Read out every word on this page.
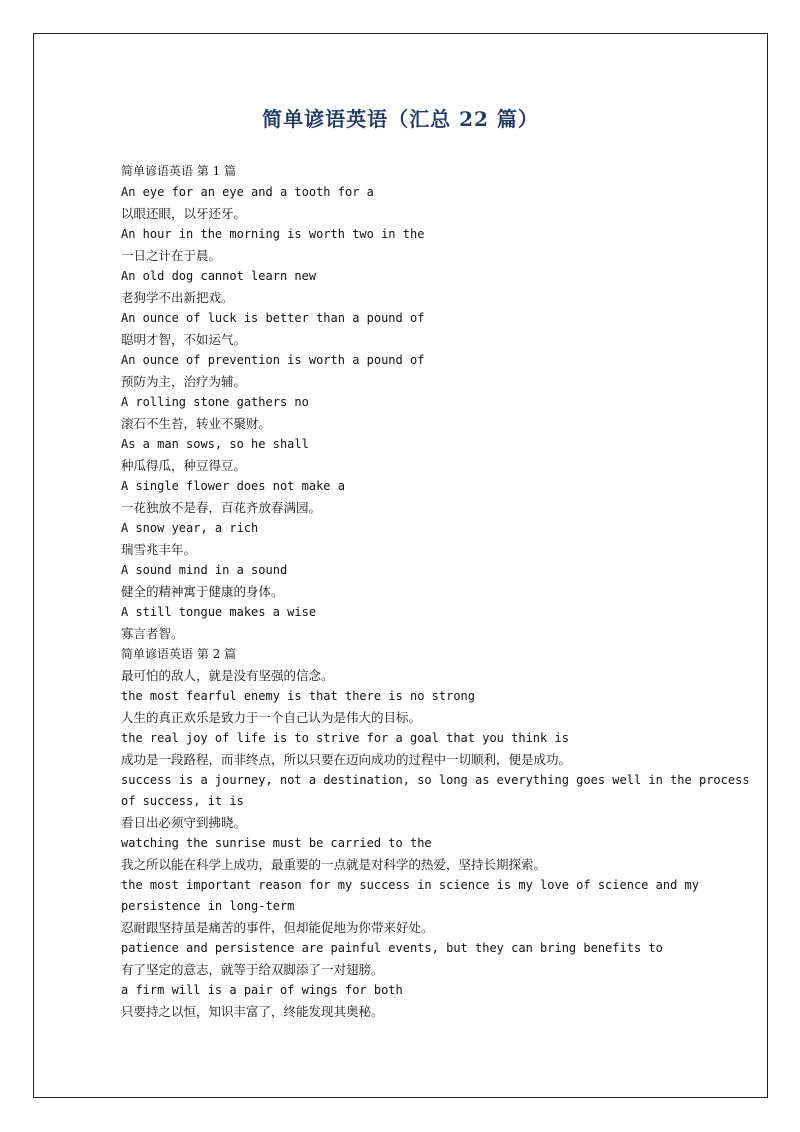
简单谚语英语（汇总 22 篇）
简单谚语英语 第 1 篇
An eye for an eye and a tooth for a
以眼还眼，以牙还牙。
An hour in the morning is worth two in the
一日之计在于晨。
An old dog cannot learn new
老狗学不出新把戏。
An ounce of luck is better than a pound of
聪明才智，不如运气。
An ounce of prevention is worth a pound of
预防为主，治疗为辅。
A rolling stone gathers no
滚石不生苔，转业不聚财。
As a man sows, so he shall
种瓜得瓜，种豆得豆。
A single flower does not make a
一花独放不是春，百花齐放春满园。
A snow year, a rich
瑞雪兆丰年。
A sound mind in a sound
健全的精神寓于健康的身体。
A still tongue makes a wise
寡言者智。
简单谚语英语 第 2 篇
最可怕的敌人，就是没有坚强的信念。
the most fearful enemy is that there is no strong
人生的真正欢乐是致力于一个自己认为是伟大的目标。
the real joy of life is to strive for a goal that you think is
成功是一段路程，而非终点，所以只要在迈向成功的过程中一切顺利，便是成功。
success is a journey, not a destination, so long as everything goes well in the process
of success, it is
看日出必须守到拂晓。
watching the sunrise must be carried to the
我之所以能在科学上成功，最重要的一点就是对科学的热爱，坚持长期探索。
the most important reason for my success in science is my love of science and my
persistence in long-term
忍耐跟坚持虽是痛苦的事件，但却能促地为你带来好处。
patience and persistence are painful events, but they can bring benefits to
有了坚定的意志，就等于给双脚添了一对翅膀。
a firm will is a pair of wings for both
只要持之以恒，知识丰富了，终能发现其奥秘。
